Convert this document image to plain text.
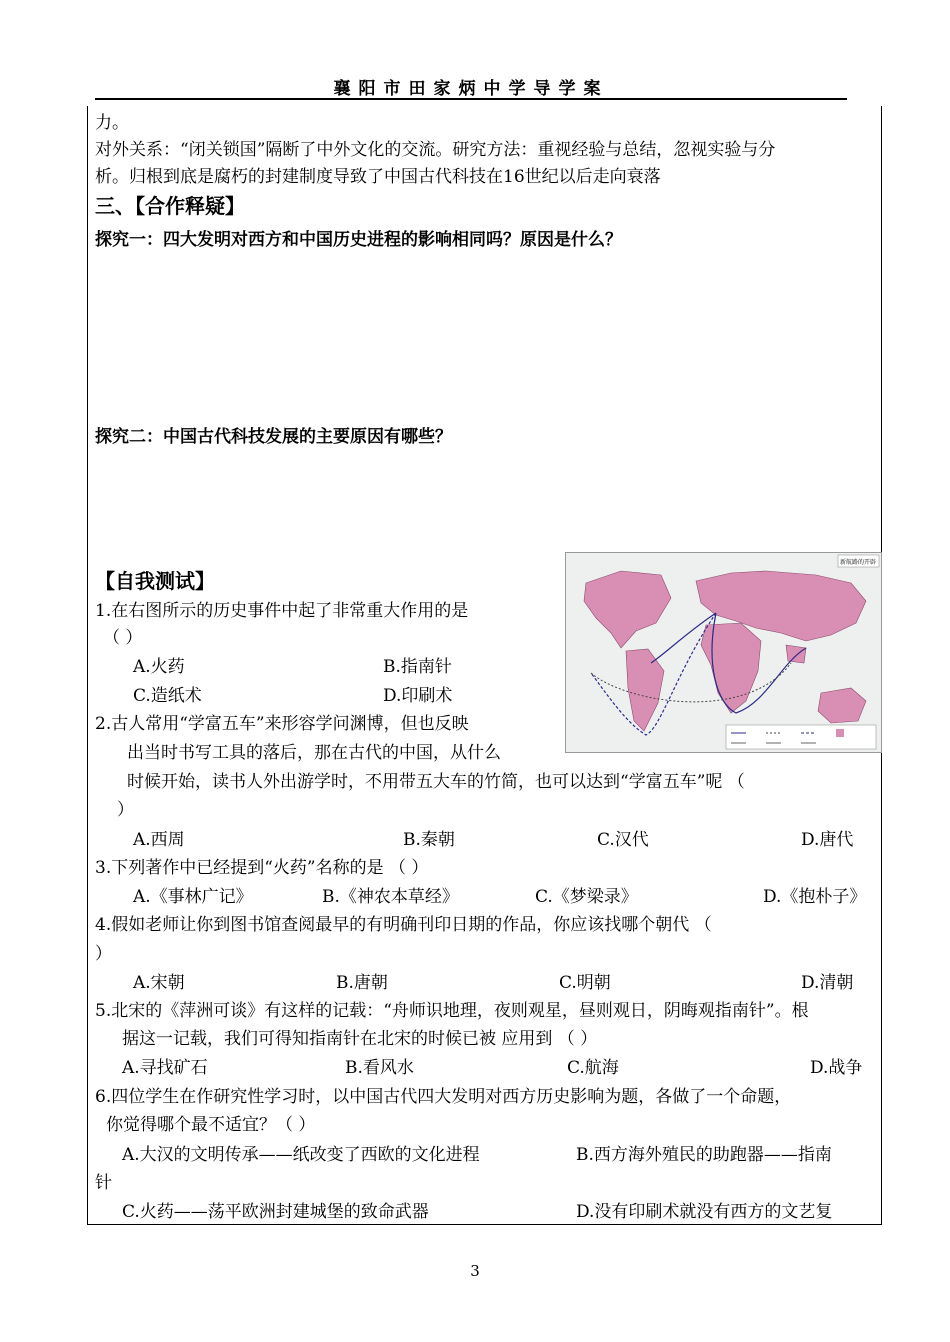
襄阳市田家炳中学导学案
力。
对外关系：“闭关锁国”隔断了中外文化的交流。研究方法：重视经验与总结，忽视实验与分
析。归根到底是腐朽的封建制度导致了中国古代科技在16世纪以后走向衰落
三、【合作释疑】
探究一：四大发明对西方和中国历史进程的影响相同吗？原因是什么？
探究二：中国古代科技发展的主要原因有哪些？
新航路的开辟
【自我测试】
1.在右图所示的历史事件中起了非常重大作用的是
（ ）
A.火药	B.指南针
C.造纸术	D.印刷术
2.古人常用“学富五车”来形容学问渊博，但也反映
出当时书写工具的落后，那在古代的中国，从什么
时候开始，读书人外出游学时，不用带五大车的竹简，也可以达到“学富五车”呢 （
）
A.西周	B.秦朝	C.汉代	D.唐代
3.下列著作中已经提到“火药”名称的是 （ ）
A.《事林广记》	B.《神农本草经》	C.《梦梁录》	D.《抱朴子》
4.假如老师让你到图书馆查阅最早的有明确刊印日期的作品，你应该找哪个朝代 （
）
A.宋朝	B.唐朝	C.明朝	D.清朝
5.北宋的《萍洲可谈》有这样的记载：“舟师识地理，夜则观星，昼则观日，阴晦观指南针”。根
据这一记载，我们可得知指南针在北宋的时候已被 应用到 （ ）
A.寻找矿石	B.看风水	C.航海	D.战争
6.四位学生在作研究性学习时，以中国古代四大发明对西方历史影响为题，各做了一个命题，
你觉得哪个最不适宜？（ ）
A.大汉的文明传承——纸改变了西欧的文化进程	B.西方海外殖民的助跑器——指南
针
C.火药——荡平欧洲封建城堡的致命武器	D.没有印刷术就没有西方的文艺复
3
